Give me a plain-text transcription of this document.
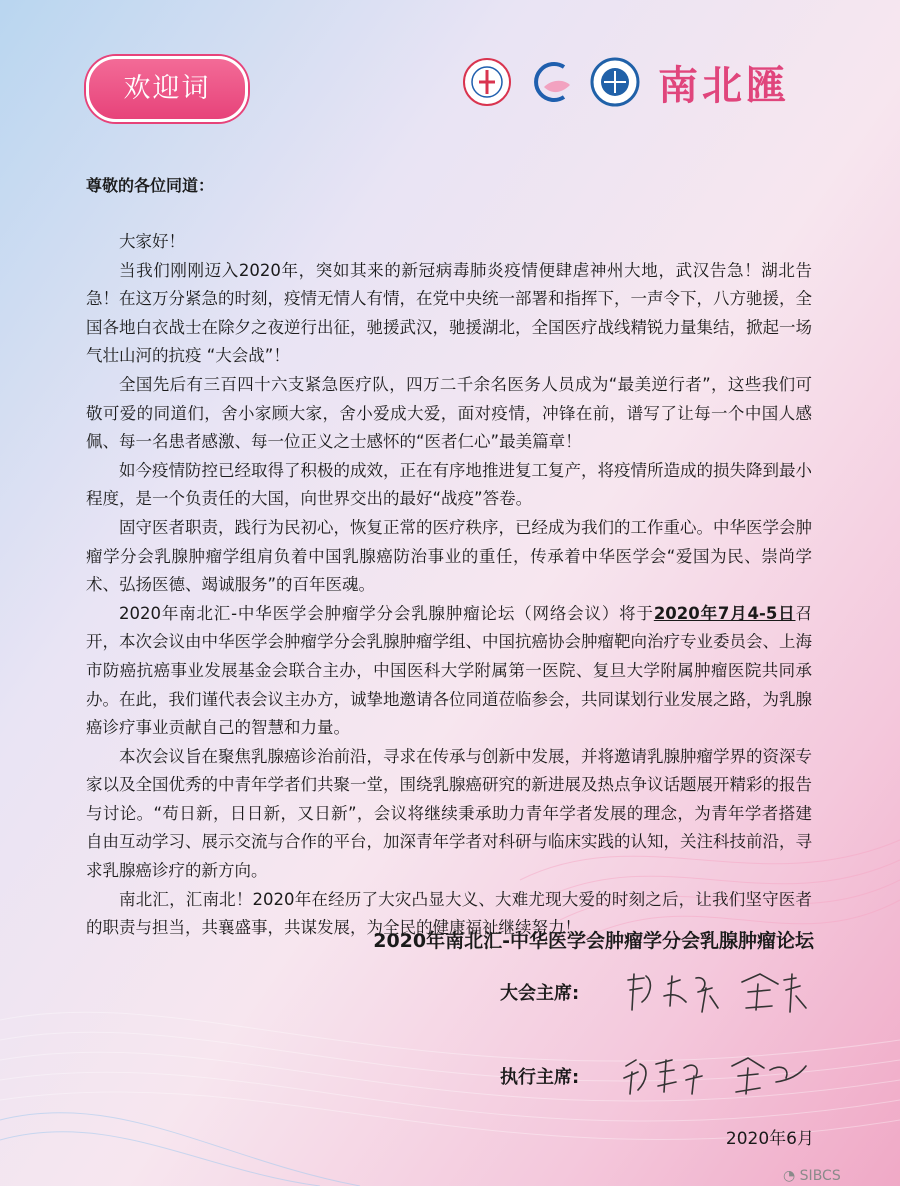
欢迎词	南北匯
尊敬的各位同道：

大家好！

当我们刚刚迈入2020年，突如其来的新冠病毒肺炎疫情便肆虐神州大地，武汉告急！湖北告急！在这万分紧急的时刻，疫情无情人有情，在党中央统一部署和指挥下，一声令下，八方驰援，全国各地白衣战士在除夕之夜逆行出征，驰援武汉，驰援湖北，全国医疗战线精锐力量集结，掀起一场气壮山河的抗疫 “大会战”！

全国先后有三百四十六支紧急医疗队，四万二千余名医务人员成为“最美逆行者”，这些我们可敬可爱的同道们，舍小家顾大家，舍小爱成大爱，面对疫情，冲锋在前，谱写了让每一个中国人感佩、每一名患者感激、每一位正义之士感怀的“医者仁心”最美篇章！

如今疫情防控已经取得了积极的成效，正在有序地推进复工复产，将疫情所造成的损失降到最小程度，是一个负责任的大国，向世界交出的最好“战疫”答卷。

固守医者职责，践行为民初心，恢复正常的医疗秩序，已经成为我们的工作重心。中华医学会肿瘤学分会乳腺肿瘤学组肩负着中国乳腺癌防治事业的重任，传承着中华医学会“爱国为民、崇尚学术、弘扬医德、竭诚服务”的百年医魂。

2020年南北汇-中华医学会肿瘤学分会乳腺肿瘤论坛（网络会议）将于2020年7月4-5日召开，本次会议由中华医学会肿瘤学分会乳腺肿瘤学组、中国抗癌协会肿瘤靶向治疗专业委员会、上海市防癌抗癌事业发展基金会联合主办，中国医科大学附属第一医院、复旦大学附属肿瘤医院共同承办。在此，我们谨代表会议主办方，诚挚地邀请各位同道莅临参会，共同谋划行业发展之路，为乳腺癌诊疗事业贡献自己的智慧和力量。

本次会议旨在聚焦乳腺癌诊治前沿，寻求在传承与创新中发展，并将邀请乳腺肿瘤学界的资深专家以及全国优秀的中青年学者们共聚一堂，围绕乳腺癌研究的新进展及热点争议话题展开精彩的报告与讨论。“苟日新，日日新，又日新”，会议将继续秉承助力青年学者发展的理念，为青年学者搭建自由互动学习、展示交流与合作的平台，加深青年学者对科研与临床实践的认知，关注科技前沿，寻求乳腺癌诊疗的新方向。

南北汇，汇南北！2020年在经历了大灾凸显大义、大难尤现大爱的时刻之后，让我们坚守医者的职责与担当，共襄盛事，共谋发展，为全民的健康福祉继续努力！

2020年南北汇-中华医学会肿瘤学分会乳腺肿瘤论坛
大会主席:
执行主席:
2020年6月
◔ SIBCS
